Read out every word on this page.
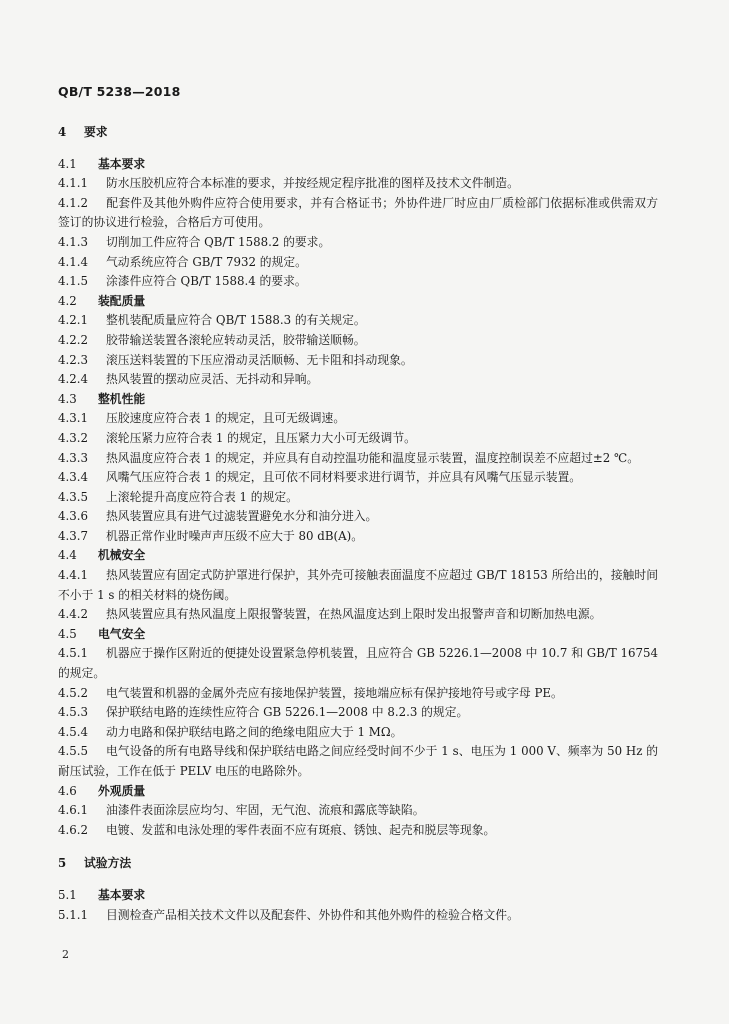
QB/T 5238—2018
4 要求
4.1 基本要求
4.1.1 防水压胶机应符合本标准的要求，并按经规定程序批准的图样及技术文件制造。
4.1.2 配套件及其他外购件应符合使用要求，并有合格证书；外协件进厂时应由厂质检部门依据标准或供需双方签订的协议进行检验，合格后方可使用。
4.1.3 切削加工件应符合 QB/T 1588.2 的要求。
4.1.4 气动系统应符合 GB/T 7932 的规定。
4.1.5 涂漆件应符合 QB/T 1588.4 的要求。
4.2 装配质量
4.2.1 整机装配质量应符合 QB/T 1588.3 的有关规定。
4.2.2 胶带输送装置各滚轮应转动灵活，胶带输送顺畅。
4.2.3 滚压送料装置的下压应滑动灵活顺畅、无卡阻和抖动现象。
4.2.4 热风装置的摆动应灵活、无抖动和异响。
4.3 整机性能
4.3.1 压胶速度应符合表 1 的规定，且可无级调速。
4.3.2 滚轮压紧力应符合表 1 的规定，且压紧力大小可无级调节。
4.3.3 热风温度应符合表 1 的规定，并应具有自动控温功能和温度显示装置，温度控制误差不应超过±2 ℃。
4.3.4 风嘴气压应符合表 1 的规定，且可依不同材料要求进行调节，并应具有风嘴气压显示装置。
4.3.5 上滚轮提升高度应符合表 1 的规定。
4.3.6 热风装置应具有进气过滤装置避免水分和油分进入。
4.3.7 机器正常作业时噪声声压级不应大于 80 dB(A)。
4.4 机械安全
4.4.1 热风装置应有固定式防护罩进行保护，其外壳可接触表面温度不应超过 GB/T 18153 所给出的，接触时间不小于 1 s 的相关材料的烧伤阈。
4.4.2 热风装置应具有热风温度上限报警装置，在热风温度达到上限时发出报警声音和切断加热电源。
4.5 电气安全
4.5.1 机器应于操作区附近的便捷处设置紧急停机装置，且应符合 GB 5226.1—2008 中 10.7 和 GB/T 16754 的规定。
4.5.2 电气装置和机器的金属外壳应有接地保护装置，接地端应标有保护接地符号或字母 PE。
4.5.3 保护联结电路的连续性应符合 GB 5226.1—2008 中 8.2.3 的规定。
4.5.4 动力电路和保护联结电路之间的绝缘电阻应大于 1 MΩ。
4.5.5 电气设备的所有电路导线和保护联结电路之间应经受时间不少于 1 s、电压为 1 000 V、频率为 50 Hz 的耐压试验，工作在低于 PELV 电压的电路除外。
4.6 外观质量
4.6.1 油漆件表面涂层应均匀、牢固，无气泡、流痕和露底等缺陷。
4.6.2 电镀、发蓝和电泳处理的零件表面不应有斑痕、锈蚀、起壳和脱层等现象。
5 试验方法
5.1 基本要求
5.1.1 目测检查产品相关技术文件以及配套件、外协件和其他外购件的检验合格文件。
2
